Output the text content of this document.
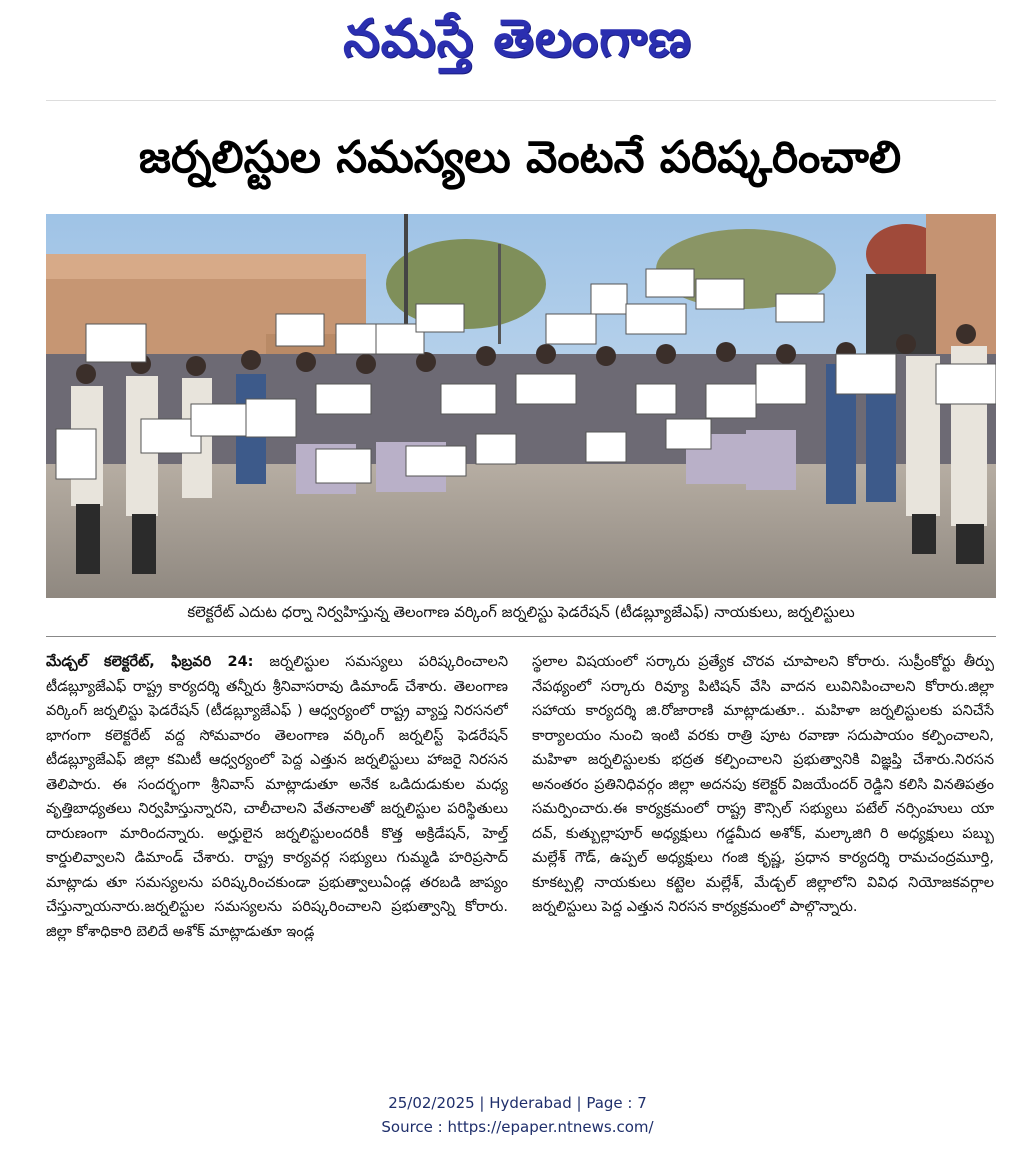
నమస్తే తెలంగాణ
జర్నలిస్టుల సమస్యలు వెంటనే పరిష్కరించాలి
కలెక్టరేట్ ఎదుట ధర్నా నిర్వహిస్తున్న తెలంగాణ వర్కింగ్ జర్నలిస్టు ఫెడరేషన్ (టీడబ్ల్యూజేఎఫ్) నాయకులు, జర్నలిస్టులు

మేడ్చల్ కలెక్టరేట్, ఫిబ్రవరి 24: జర్నలిస్టుల సమస్యలు పరిష్కరించాలని టీడబ్ల్యూజేఎఫ్ రాష్ట్ర కార్యదర్శి తన్నీరు శ్రీనివాసరావు డిమాండ్ చేశారు. తెలంగాణ వర్కింగ్ జర్నలిస్టు ఫెడరేషన్ (టీడబ్ల్యూజేఎఫ్ ) ఆధ్వర్యంలో రాష్ట్ర వ్యాప్త నిరసనలో భాగంగా కలెక్టరేట్ వద్ద సోమవారం తెలంగాణ వర్కింగ్ జర్నలిస్ట్ ఫెడరేషన్ టీడబ్ల్యూజేఎఫ్ జిల్లా కమిటీ ఆధ్వర్యంలో పెద్ద ఎత్తున జర్నలిస్టులు హాజరై నిరసన తెలిపారు. ఈ సందర్భంగా శ్రీనివాస్ మాట్లాడుతూ అనేక ఒడిదుడుకుల మధ్య వృత్తిబాధ్యతలు నిర్వహిస్తున్నారని, చాలీచాలని వేతనాలతో జర్నలిస్టుల పరిస్థితులు దారుణంగా మారిందన్నారు. అర్హులైన జర్నలిస్టులందరికీ కొత్త అక్రిడేషన్, హెల్త్ కార్డులివ్వాలని డిమాండ్ చేశారు. రాష్ట్ర కార్యవర్గ సభ్యులు గుమ్మడి హరిప్రసాద్ మాట్లాడు తూ సమస్యలను పరిష్కరించకుండా ప్రభుత్వాలుఏండ్ల తరబడి జాప్యం చేస్తున్నాయనారు.జర్నలిస్టుల సమస్యలను పరిష్కరించాలని ప్రభుత్వాన్ని కోరారు. జిల్లా కోశాధికారి బెలిదే అశోక్ మాట్లాడుతూ ఇండ్ల

స్థలాల విషయంలో సర్కారు ప్రత్యేక చొరవ చూపాలని కోరారు. సుప్రీంకోర్టు తీర్పు నేపథ్యంలో సర్కారు రివ్యూ పిటిషన్ వేసి వాదన లువినిపించాలని కోరారు.జిల్లా సహాయ కార్యదర్శి జి.రోజారాణి మాట్లాడుతూ.. మహిళా జర్నలిస్టులకు పనిచేసే కార్యాలయం నుంచి ఇంటి వరకు రాత్రి పూట రవాణా సదుపాయం కల్పించాలని, మహిళా జర్నలిస్టులకు భద్రత కల్పించాలని ప్రభుత్వానికి విజ్ఞప్తి చేశారు.నిరసన అనంతరం ప్రతినిధివర్గం జిల్లా అదనపు కలెక్టర్ విజయేందర్ రెడ్డిని కలిసి వినతిపత్రం సమర్పించారు.ఈ కార్యక్రమంలో రాష్ట్ర కౌన్సిల్ సభ్యులు పటేల్ నర్సింహులు యా దవ్, కుత్బుల్లాపూర్ అధ్యక్షులు గడ్డమీద అశోక్, మల్కాజిగి రి అధ్యక్షులు పబ్బు మల్లేశ్ గౌడ్, ఉప్పల్ అధ్యక్షులు గంజి కృష్ణ, ప్రధాన కార్యదర్శి రామచంద్రమూర్తి, కూకట్పల్లి నాయకులు కట్టెల మల్లేశ్, మేడ్చల్ జిల్లాలోని వివిధ నియోజకవర్గాల జర్నలిస్టులు పెద్ద ఎత్తున నిరసన కార్యక్రమంలో పాల్గొన్నారు.

25/02/2025 | Hyderabad | Page : 7
Source : https://epaper.ntnews.com/
